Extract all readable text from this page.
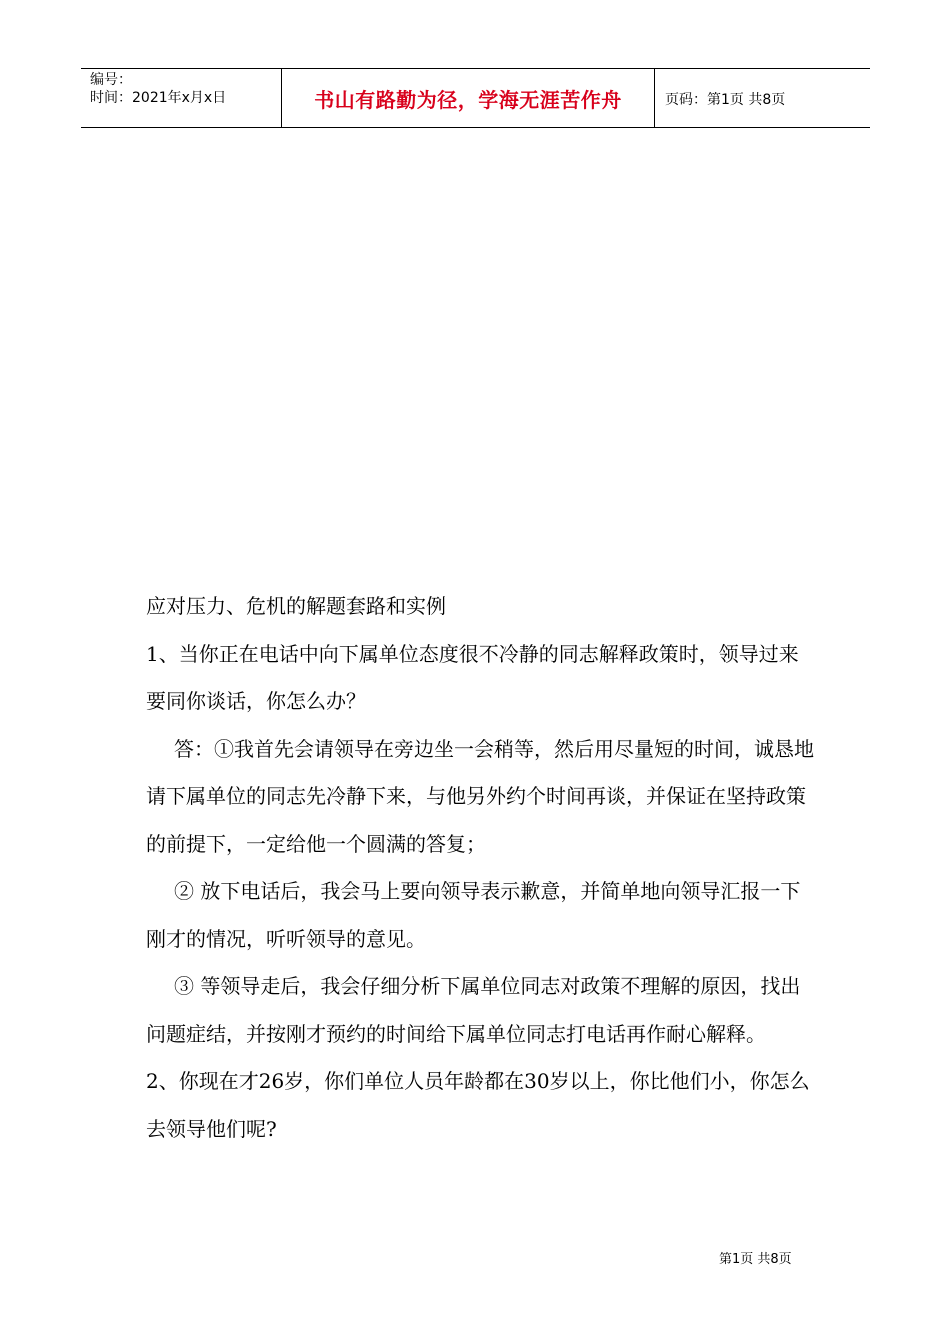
编号：
时间：2021年x月x日	书山有路勤为径，学海无涯苦作舟	页码：第1页 共8页

应对压力、危机的解题套路和实例

1、当你正在电话中向下属单位态度很不冷静的同志解释政策时，领导过来要同你谈话，你怎么办？

答：①我首先会请领导在旁边坐一会稍等，然后用尽量短的时间，诚恳地请下属单位的同志先冷静下来，与他另外约个时间再谈，并保证在坚持政策的前提下，一定给他一个圆满的答复；

② 放下电话后，我会马上要向领导表示歉意，并简单地向领导汇报一下刚才的情况，听听领导的意见。

③ 等领导走后，我会仔细分析下属单位同志对政策不理解的原因，找出问题症结，并按刚才预约的时间给下属单位同志打电话再作耐心解释。

2、你现在才26岁，你们单位人员年龄都在30岁以上，你比他们小，你怎么去领导他们呢?

第1页 共8页
